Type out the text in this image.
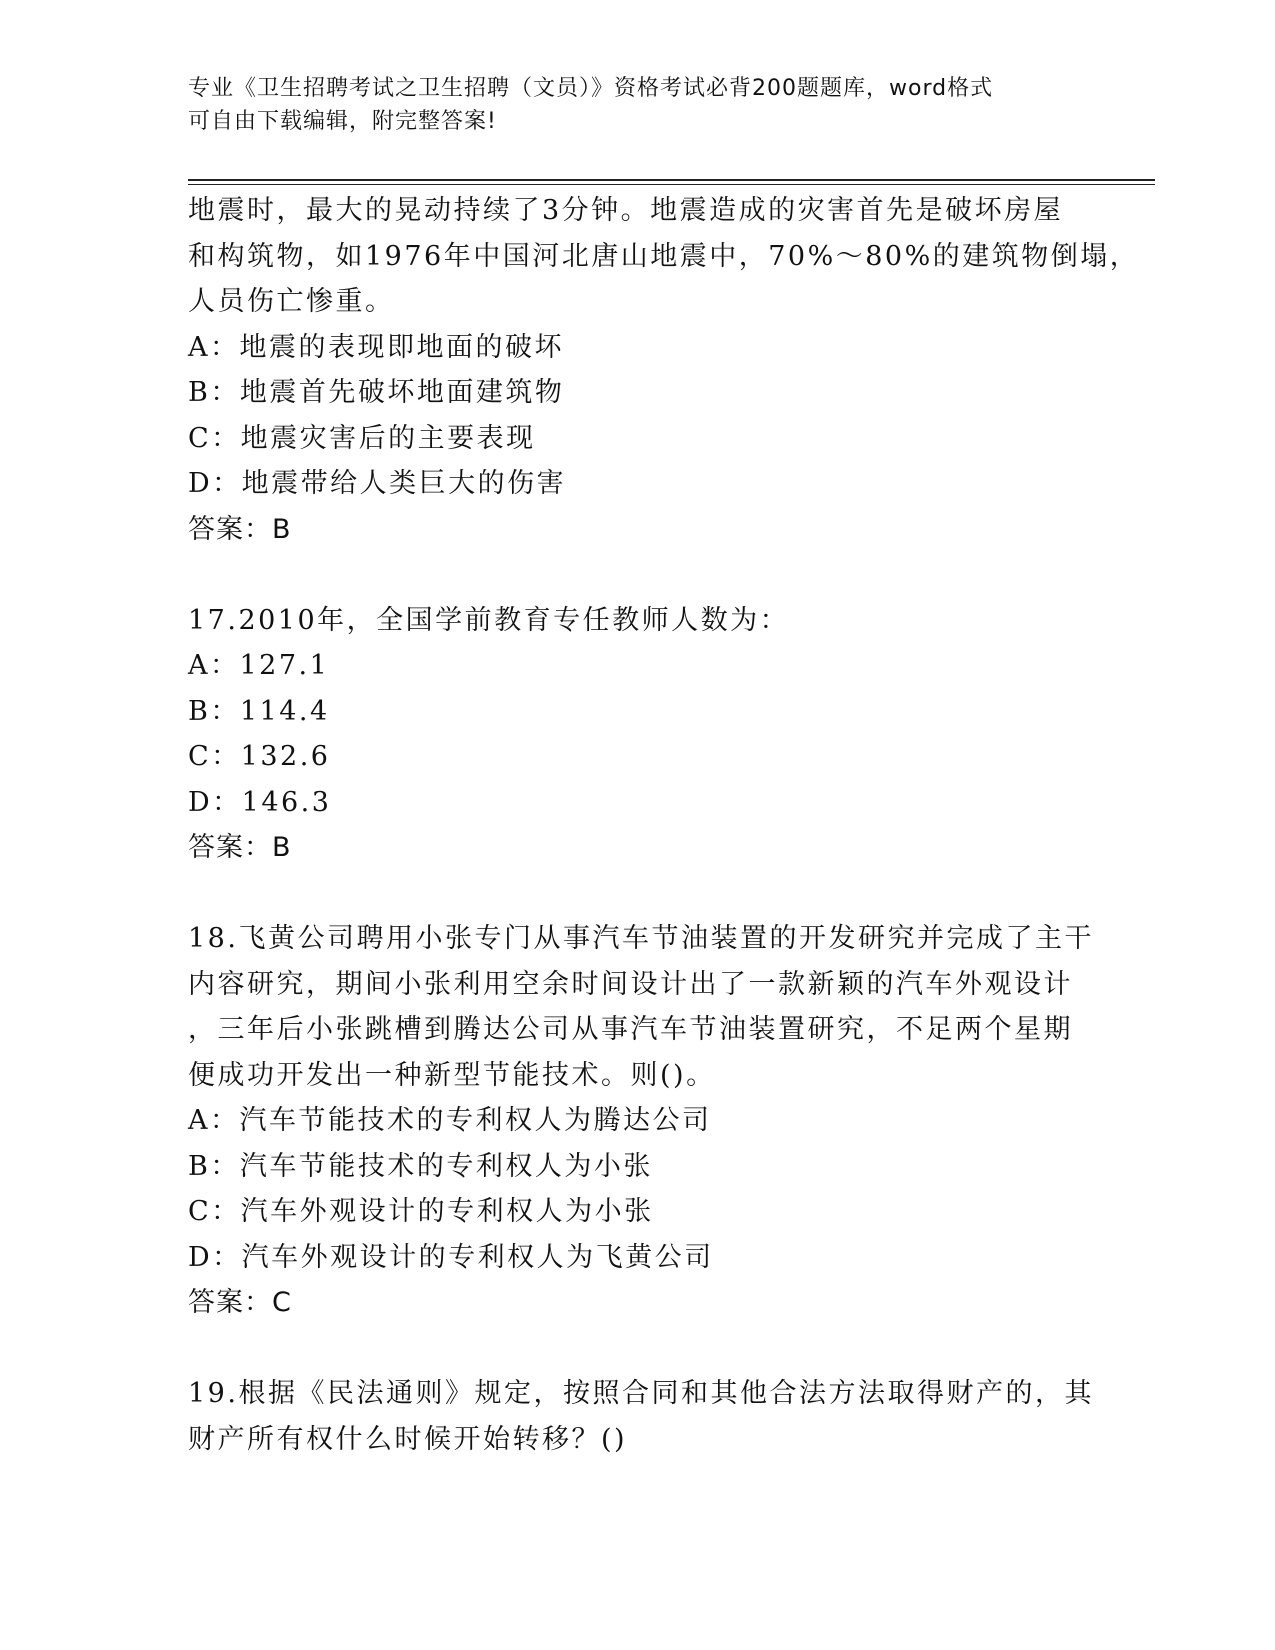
专业《卫生招聘考试之卫生招聘（文员）》资格考试必背200题题库，word格式
可自由下载编辑，附完整答案!
地震时，最大的晃动持续了3分钟。地震造成的灾害首先是破坏房屋
和构筑物，如1976年中国河北唐山地震中，70%～80%的建筑物倒塌，
人员伤亡惨重。
A：地震的表现即地面的破坏
B：地震首先破坏地面建筑物
C：地震灾害后的主要表现
D：地震带给人类巨大的伤害
答案：B
17.2010年，全国学前教育专任教师人数为：
A：127.1
B：114.4
C：132.6
D：146.3
答案：B
18.飞黄公司聘用小张专门从事汽车节油装置的开发研究并完成了主干
内容研究，期间小张利用空余时间设计出了一款新颖的汽车外观设计
，三年后小张跳槽到腾达公司从事汽车节油装置研究，不足两个星期
便成功开发出一种新型节能技术。则()。
A：汽车节能技术的专利权人为腾达公司
B：汽车节能技术的专利权人为小张
C：汽车外观设计的专利权人为小张
D：汽车外观设计的专利权人为飞黄公司
答案：C
19.根据《民法通则》规定，按照合同和其他合法方法取得财产的，其
财产所有权什么时候开始转移？()
